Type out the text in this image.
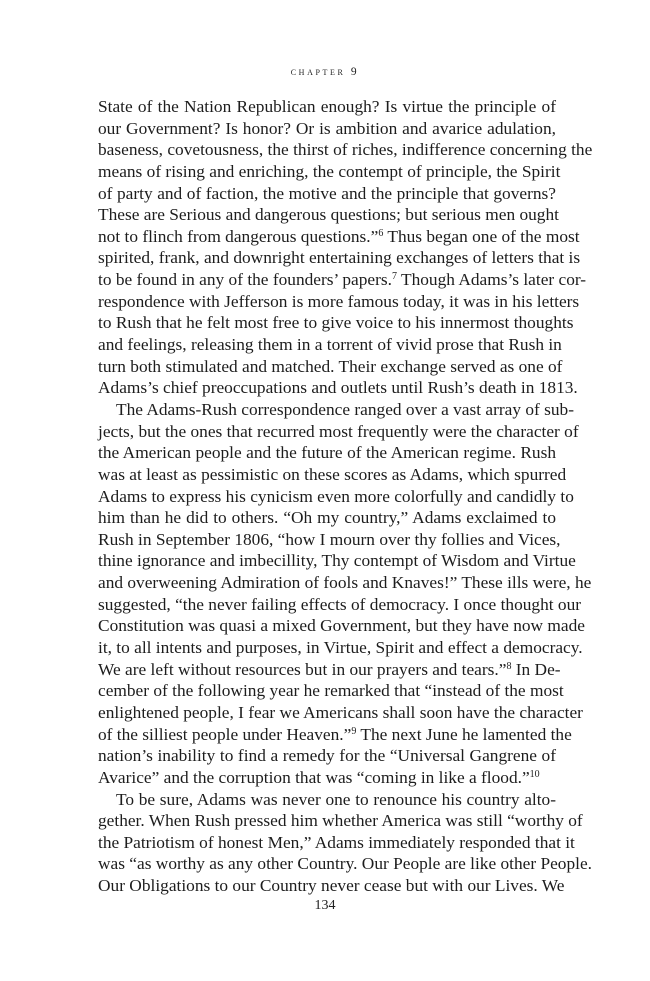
chapter 9
State of the Nation Republican enough? Is virtue the principle of
our Government? Is honor? Or is ambition and avarice adulation,
baseness, covetousness, the thirst of riches, indifference concerning the
means of rising and enriching, the contempt of principle, the Spirit
of party and of faction, the motive and the principle that governs?
These are Serious and dangerous questions; but serious men ought
not to flinch from dangerous questions.”$^6$ Thus began one of the most
spirited, frank, and downright entertaining exchanges of letters that is
to be found in any of the founders’ papers.$^7$ Though Adams’s later cor-
respondence with Jefferson is more famous today, it was in his letters
to Rush that he felt most free to give voice to his innermost thoughts
and feelings, releasing them in a torrent of vivid prose that Rush in
turn both stimulated and matched. Their exchange served as one of
Adams’s chief preoccupations and outlets until Rush’s death in 1813.
The Adams-Rush correspondence ranged over a vast array of sub-
jects, but the ones that recurred most frequently were the character of
the American people and the future of the American regime. Rush
was at least as pessimistic on these scores as Adams, which spurred
Adams to express his cynicism even more colorfully and candidly to
him than he did to others. “Oh my country,” Adams exclaimed to
Rush in September 1806, “how I mourn over thy follies and Vices,
thine ignorance and imbecillity, Thy contempt of Wisdom and Virtue
and overweening Admiration of fools and Knaves!” These ills were, he
suggested, “the never failing effects of democracy. I once thought our
Constitution was quasi a mixed Government, but they have now made
it, to all intents and purposes, in Virtue, Spirit and effect a democracy.
We are left without resources but in our prayers and tears.”$^8$ In De-
cember of the following year he remarked that “instead of the most
enlightened people, I fear we Americans shall soon have the character
of the silliest people under Heaven.”$^9$ The next June he lamented the
nation’s inability to find a remedy for the “Universal Gangrene of
Avarice” and the corruption that was “coming in like a flood.”$^{10}$
To be sure, Adams was never one to renounce his country alto-
gether. When Rush pressed him whether America was still “worthy of
the Patriotism of honest Men,” Adams immediately responded that it
was “as worthy as any other Country. Our People are like other People.
Our Obligations to our Country never cease but with our Lives. We
134
